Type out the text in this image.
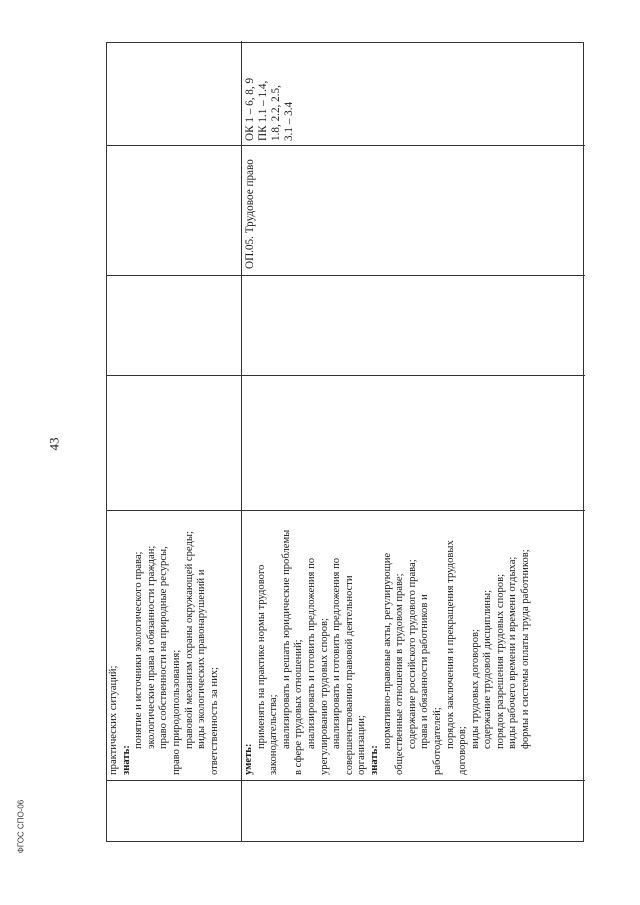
43
ФГОС СПО-06
практических ситуаций; знать:
понятие и источники экологического права; экологические права и обязанности граждан; право собственности на природные ресурсы, право природопользования; правовой механизм охраны окружающей среды; виды экологических правонарушений и ответственность за них; уметь:
применять на практике нормы трудового законодательства; анализировать и решать юридические проблемы в сфере трудовых отношений; анализировать и готовить предложения по урегулированию трудовых споров; анализировать и готовить предложения по совершенствованию правовой деятельности организации; знать:
нормативно-правовые акты, регулирующие общественные отношения в трудовом праве; содержание российского трудового права; права и обязанности работников и работодателей; порядок заключения и прекращения трудовых
договоров;
виды трудовых договоров; содержание трудовой дисциплины; порядок разрешения трудовых споров; виды рабочего времени и времени отдыха; формы и системы оплаты труда работников;
ОП.05. Трудовое право
ОК 1 – 6, 8, 9 ПК 1.1 – 1.4, 1.8, 2.2, 2.5, 3.1 – 3.4
